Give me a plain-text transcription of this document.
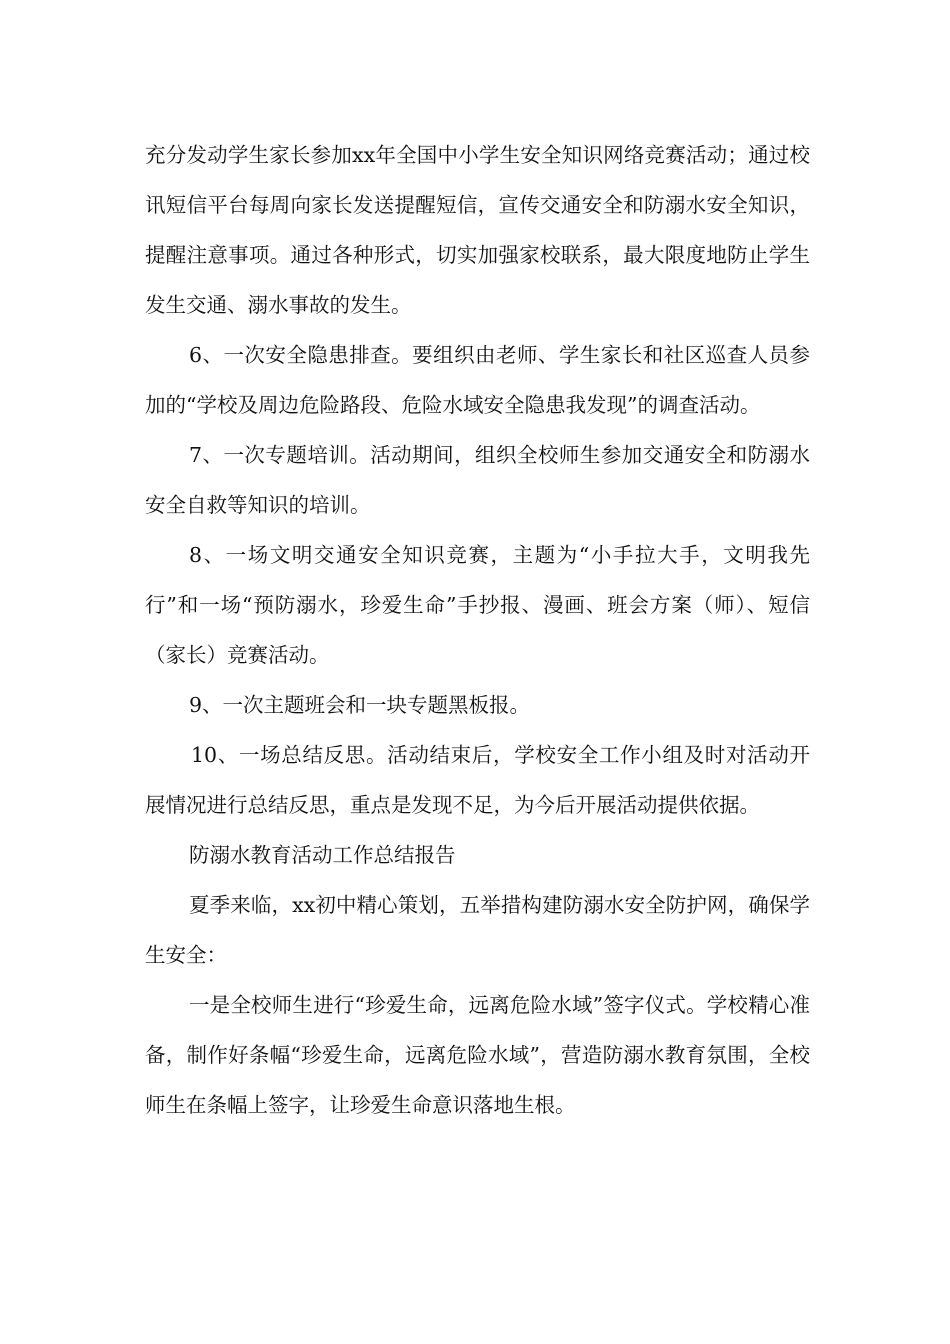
充分发动学生家长参加xx年全国中小学生安全知识网络竞赛活动；通过校讯短信平台每周向家长发送提醒短信，宣传交通安全和防溺水安全知识，提醒注意事项。通过各种形式，切实加强家校联系，最大限度地防止学生发生交通、溺水事故的发生。

6、一次安全隐患排查。要组织由老师、学生家长和社区巡查人员参加的“学校及周边危险路段、危险水域安全隐患我发现”的调查活动。

7、一次专题培训。活动期间，组织全校师生参加交通安全和防溺水安全自救等知识的培训。

8、一场文明交通安全知识竞赛，主题为“小手拉大手，文明我先行”和一场“预防溺水，珍爱生命”手抄报、漫画、班会方案（师）、短信（家长）竞赛活动。

9、一次主题班会和一块专题黑板报。

10、一场总结反思。活动结束后，学校安全工作小组及时对活动开展情况进行总结反思，重点是发现不足，为今后开展活动提供依据。

防溺水教育活动工作总结报告

夏季来临，xx初中精心策划，五举措构建防溺水安全防护网，确保学生安全：

一是全校师生进行“珍爱生命，远离危险水域”签字仪式。学校精心准备，制作好条幅“珍爱生命，远离危险水域”，营造防溺水教育氛围，全校师生在条幅上签字，让珍爱生命意识落地生根。
